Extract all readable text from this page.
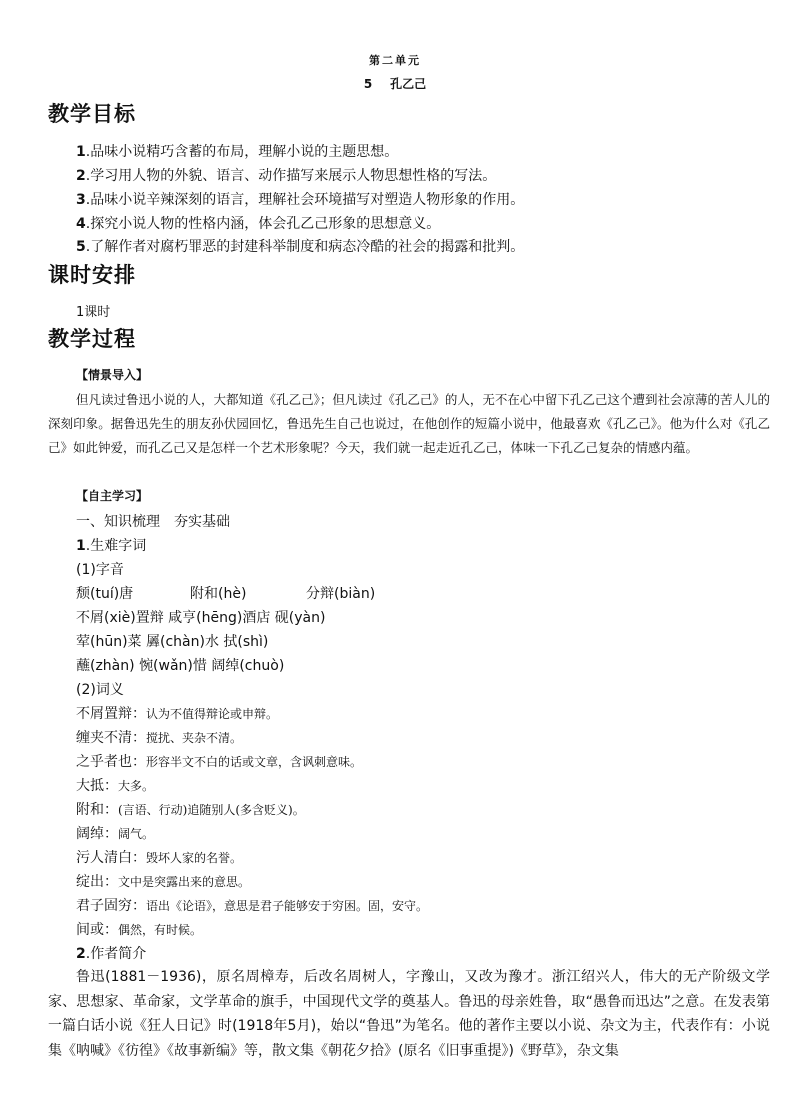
第二单元
5 孔乙己
教学目标
1.品味小说精巧含蓄的布局，理解小说的主题思想。
2.学习用人物的外貌、语言、动作描写来展示人物思想性格的写法。
3.品味小说辛辣深刻的语言，理解社会环境描写对塑造人物形象的作用。
4.探究小说人物的性格内涵，体会孔乙己形象的思想意义。
5.了解作者对腐朽罪恶的封建科举制度和病态冷酷的社会的揭露和批判。
课时安排
1课时
教学过程
【情景导入】
但凡读过鲁迅小说的人，大都知道《孔乙己》；但凡读过《孔乙己》的人，无不在心中留下孔乙己这个遭到社会凉薄的苦人儿的深刻印象。据鲁迅先生的朋友孙伏园回忆，鲁迅先生自己也说过，在他创作的短篇小说中，他最喜欢《孔乙己》。他为什么对《孔乙己》如此钟爱，而孔乙己又是怎样一个艺术形象呢？今天，我们就一起走近孔乙己，体味一下孔乙己复杂的情感内蕴。
【自主学习】
一、知识梳理　夯实基础
1.生难字词
(1)字音
颓(tuí)唐	附和(hè)	分辩(biàn)
不屑(xiè)置辩 咸亨(hēng)酒店 砚(yàn)
荤(hūn)菜 羼(chàn)水 拭(shì)
蘸(zhàn) 惋(wǎn)惜 阔绰(chuò)
(2)词义
不屑置辩：认为不值得辩论或申辩。
缠夹不清：搅扰、夹杂不清。
之乎者也：形容半文不白的话或文章，含讽刺意味。
大抵：大多。
附和：(言语、行动)追随别人(多含贬义)。
阔绰：阔气。
污人清白：毁坏人家的名誉。
绽出：文中是突露出来的意思。
君子固穷：语出《论语》，意思是君子能够安于穷困。固，安守。
间或：偶然，有时候。
2.作者简介
鲁迅(1881－1936)，原名周樟寿，后改名周树人，字豫山，又改为豫才。浙江绍兴人，伟大的无产阶级文学家、思想家、革命家，文学革命的旗手，中国现代文学的奠基人。鲁迅的母亲姓鲁，取“愚鲁而迅达”之意。在发表第一篇白话小说《狂人日记》时(1918年5月)，始以“鲁迅”为笔名。他的著作主要以小说、杂文为主，代表作有：小说集《呐喊》《彷徨》《故事新编》等，散文集《朝花夕拾》(原名《旧事重提》)《野草》，杂文集
